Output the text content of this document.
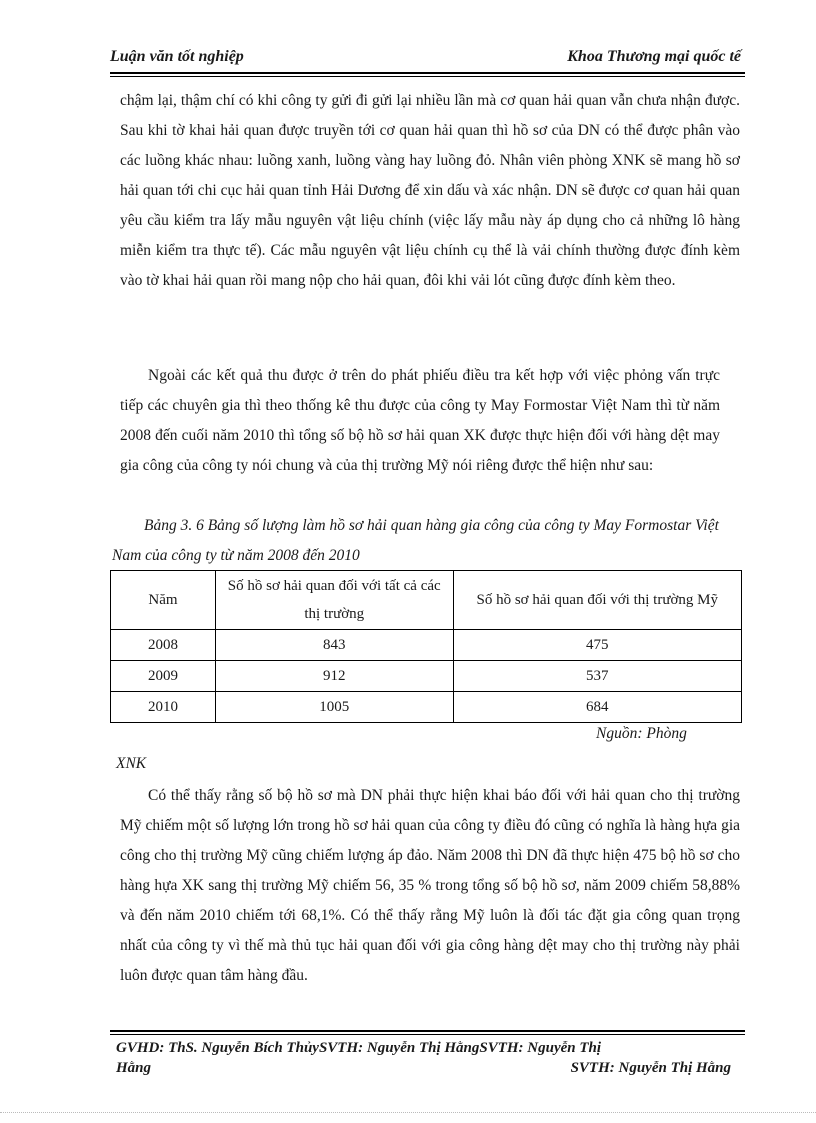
Luận văn tốt nghiệp	Khoa Thương mại quốc tế

chậm lại, thậm chí có khi công ty gửi đi gửi lại nhiều lần mà cơ quan hải quan vẫn chưa nhận được. Sau khi tờ khai hải quan được truyền tới cơ quan hải quan thì hồ sơ của DN có thể được phân vào các luồng khác nhau: luồng xanh, luồng vàng hay luồng đỏ. Nhân viên phòng XNK sẽ mang hồ sơ hải quan tới chi cục hải quan tỉnh Hải Dương để xin dấu và xác nhận. DN sẽ được cơ quan hải quan yêu cầu kiểm tra lấy mẫu nguyên vật liệu chính (việc lấy mẫu này áp dụng cho cả những lô hàng miễn kiểm tra thực tế). Các mẫu nguyên vật liệu chính cụ thể là vải chính thường được đính kèm vào tờ khai hải quan rồi mang nộp cho hải quan, đôi khi vải lót cũng được đính kèm theo.

Ngoài các kết quả thu được ở trên do phát phiếu điều tra kết hợp với việc phỏng vấn trực tiếp các chuyên gia thì theo thống kê thu được của công ty May Formostar Việt Nam thì từ năm 2008 đến cuối năm 2010 thì tổng số bộ hồ sơ hải quan XK được thực hiện đối với hàng dệt may gia công của công ty nói chung và của thị trường Mỹ nói riêng được thể hiện như sau:

Bảng 3. 6 Bảng số lượng làm hồ sơ hải quan hàng gia công của công ty May Formostar Việt Nam của công ty từ năm 2008 đến 2010

Năm	Số hồ sơ hải quan đối với tất cả các thị trường	Số hồ sơ hải quan đối với thị trường Mỹ
2008	843	475
2009	912	537
2010	1005	684
Nguồn: Phòng
XNK

Có thể thấy rằng số bộ hồ sơ mà DN phải thực hiện khai báo đối với hải quan cho thị trường Mỹ chiếm một số lượng lớn trong hồ sơ hải quan của công ty điều đó cũng có nghĩa là hàng hựa gia công cho thị trường Mỹ cũng chiếm lượng áp đảo. Năm 2008 thì DN đã thực hiện 475 bộ hồ sơ cho hàng hựa XK sang thị trường Mỹ chiếm 56, 35 % trong tổng số bộ hồ sơ, năm 2009 chiếm 58,88% và đến năm 2010 chiếm tới 68,1%. Có thể thấy rằng Mỹ luôn là đối tác đặt gia công quan trọng nhất của công ty vì thế mà thủ tục hải quan đối với gia công hàng dệt may cho thị trường này phải luôn được quan tâm hàng đầu.

GVHD: ThS. Nguyễn Bích ThủySVTH: Nguyễn Thị HằngSVTH: Nguyễn Thị
Hằng	SVTH: Nguyễn Thị Hằng
